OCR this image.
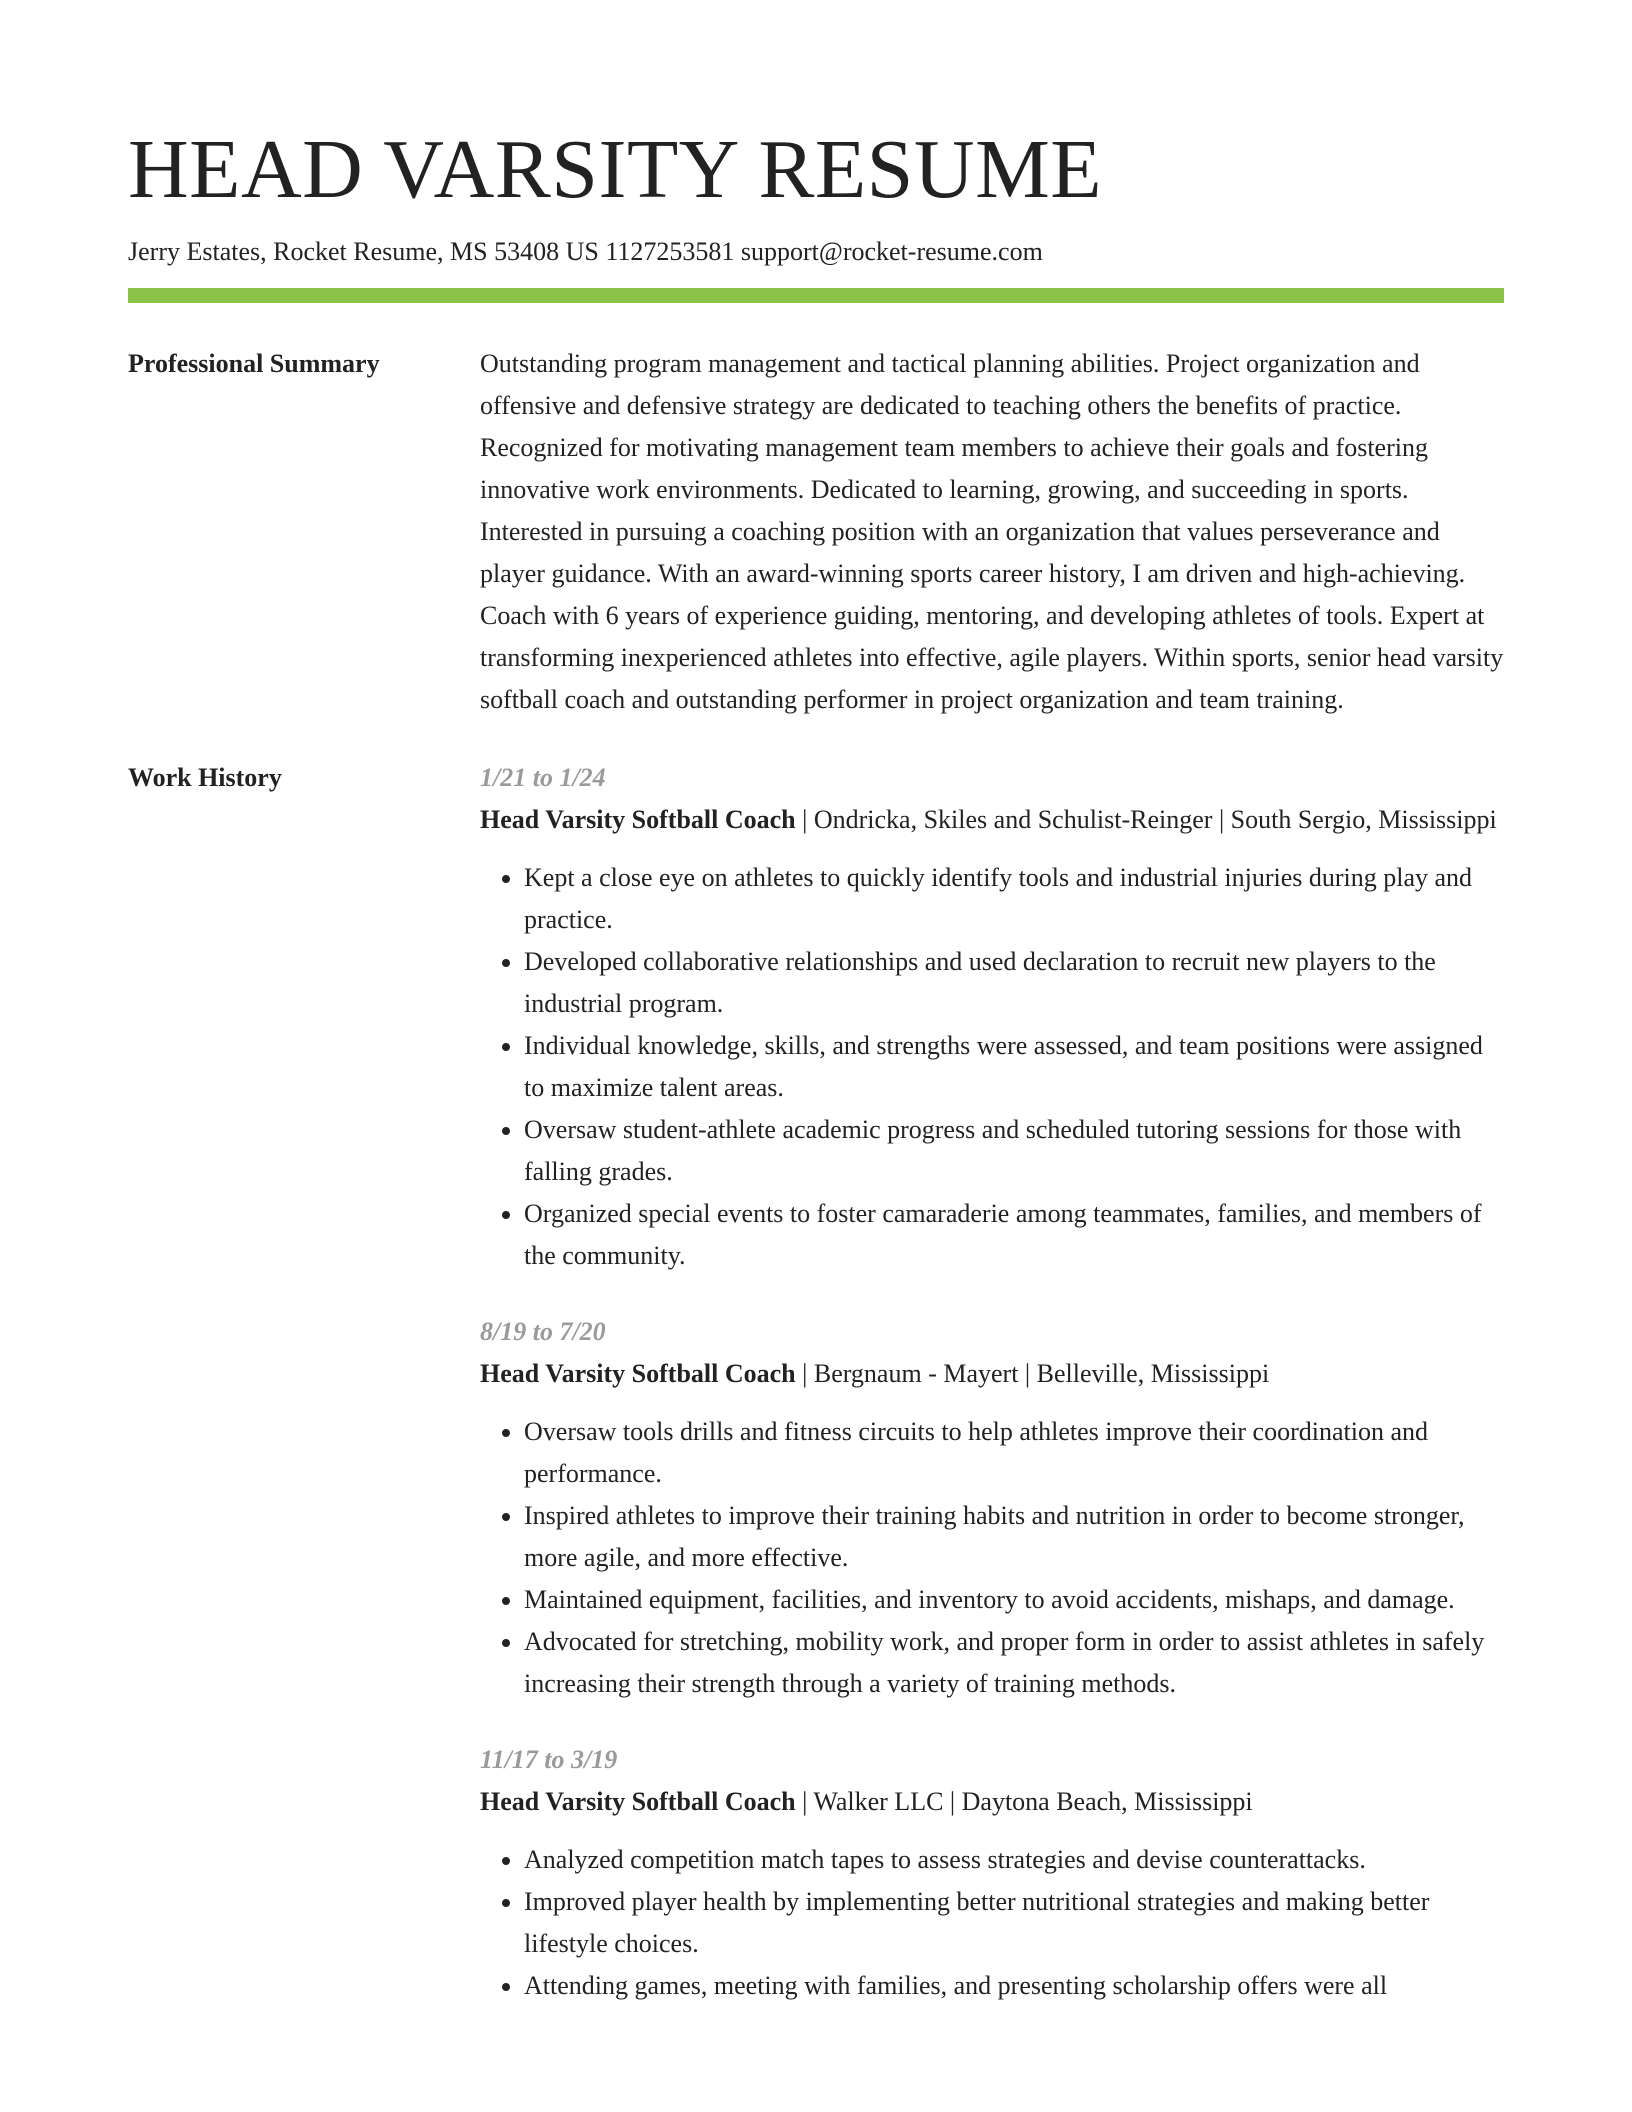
HEAD VARSITY RESUME
Jerry Estates, Rocket Resume, MS 53408 US 1127253581 support@rocket-resume.com
Professional Summary	Outstanding program management and tactical planning abilities. Project organization and offensive and defensive strategy are dedicated to teaching others the benefits of practice. Recognized for motivating management team members to achieve their goals and fostering innovative work environments. Dedicated to learning, growing, and succeeding in sports. Interested in pursuing a coaching position with an organization that values perseverance and player guidance. With an award-winning sports career history, I am driven and high-achieving. Coach with 6 years of experience guiding, mentoring, and developing athletes of tools. Expert at transforming inexperienced athletes into effective, agile players. Within sports, senior head varsity softball coach and outstanding performer in project organization and team training.

Work History	1/21 to 1/24
Head Varsity Softball Coach | Ondricka, Skiles and Schulist-Reinger | South Sergio, Mississippi
• Kept a close eye on athletes to quickly identify tools and industrial injuries during play and practice.
• Developed collaborative relationships and used declaration to recruit new players to the industrial program.
• Individual knowledge, skills, and strengths were assessed, and team positions were assigned to maximize talent areas.
• Oversaw student-athlete academic progress and scheduled tutoring sessions for those with falling grades.
• Organized special events to foster camaraderie among teammates, families, and members of the community.
8/19 to 7/20
Head Varsity Softball Coach | Bergnaum - Mayert | Belleville, Mississippi
• Oversaw tools drills and fitness circuits to help athletes improve their coordination and performance.
• Inspired athletes to improve their training habits and nutrition in order to become stronger, more agile, and more effective.
• Maintained equipment, facilities, and inventory to avoid accidents, mishaps, and damage.
• Advocated for stretching, mobility work, and proper form in order to assist athletes in safely increasing their strength through a variety of training methods.
11/17 to 3/19
Head Varsity Softball Coach | Walker LLC | Daytona Beach, Mississippi
• Analyzed competition match tapes to assess strategies and devise counterattacks.
• Improved player health by implementing better nutritional strategies and making better lifestyle choices.
• Attending games, meeting with families, and presenting scholarship offers were all
